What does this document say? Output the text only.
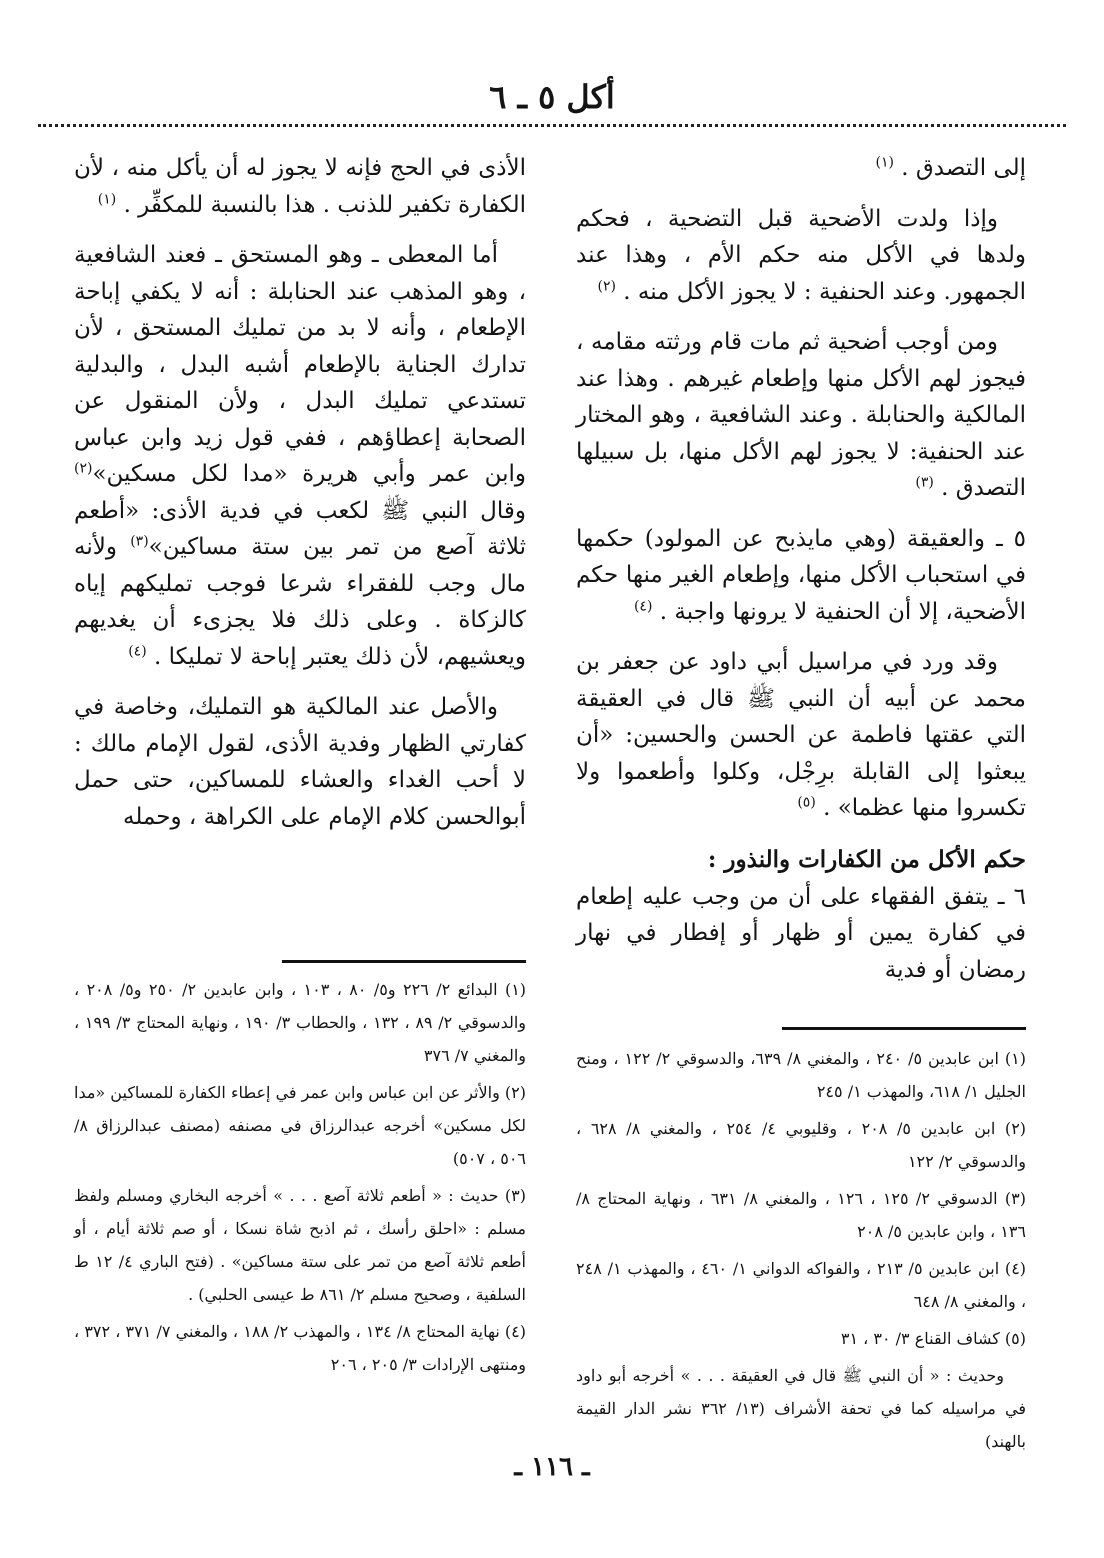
أكل ٥ ـ ٦

إلى التصدق . $^{(١)}$

وإذا ولدت الأضحية قبل التضحية ، فحكم ولدها في الأكل منه حكم الأم ، وهذا عند الجمهور. وعند الحنفية : لا يجوز الأكل منه . $^{(٢)}$

ومن أوجب أضحية ثم مات قام ورثته مقامه ، فيجوز لهم الأكل منها وإطعام غيرهم . وهذا عند المالكية والحنابلة . وعند الشافعية ، وهو المختار عند الحنفية: لا يجوز لهم الأكل منها، بل سبيلها التصدق . $^{(٣)}$

٥ ـ والعقيقة (وهي مايذبح عن المولود) حكمها في استحباب الأكل منها، وإطعام الغير منها حكم الأضحية، إلا أن الحنفية لا يرونها واجبة . $^{(٤)}$

وقد ورد في مراسيل أبي داود عن جعفر بن محمد عن أبيه أن النبي ﷺ قال في العقيقة التي عقتها فاطمة عن الحسن والحسين: «أن يبعثوا إلى القابلة برِجْل، وكلوا وأطعموا ولا تكسروا منها عظما» . $^{(٥)}$

حكم الأكل من الكفارات والنذور :

٦ ـ يتفق الفقهاء على أن من وجب عليه إطعام في كفارة يمين أو ظهار أو إفطار في نهار رمضان أو فدية

الأذى في الحج فإنه لا يجوز له أن يأكل منه ، لأن الكفارة تكفير للذنب . هذا بالنسبة للمكفِّر . $^{(١)}$

أما المعطى ـ وهو المستحق ـ فعند الشافعية ، وهو المذهب عند الحنابلة : أنه لا يكفي إباحة الإطعام ، وأنه لا بد من تمليك المستحق ، لأن تدارك الجناية بالإطعام أشبه البدل ، والبدلية تستدعي تمليك البدل ، ولأن المنقول عن الصحابة إعطاؤهم ، ففي قول زيد وابن عباس وابن عمر وأبي هريرة «مدا لكل مسكين»$^{(٢)}$ وقال النبي ﷺ لكعب في فدية الأذى: «أطعم ثلاثة آصع من تمر بين ستة مساكين»$^{(٣)}$ ولأنه مال وجب للفقراء شرعا فوجب تمليكهم إياه كالزكاة . وعلى ذلك فلا يجزىء أن يغديهم ويعشيهم، لأن ذلك يعتبر إباحة لا تمليكا . $^{(٤)}$

والأصل عند المالكية هو التمليك، وخاصة في كفارتي الظهار وفدية الأذى، لقول الإمام مالك : لا أحب الغداء والعشاء للمساكين، حتى حمل أبوالحسن كلام الإمام على الكراهة ، وحمله

(١) ابن عابدين ٥/ ٢٤٠ ، والمغني ٨/ ٦٣٩، والدسوقي ٢/ ١٢٢ ، ومنح الجليل ١/ ٦١٨، والمهذب ١/ ٢٤٥

(٢) ابن عابدين ٥/ ٢٠٨ ، وقليوبي ٤/ ٢٥٤ ، والمغني ٨/ ٦٢٨ ، والدسوقي ٢/ ١٢٢

(٣) الدسوقي ٢/ ١٢٥ ، ١٢٦ ، والمغني ٨/ ٦٣١ ، ونهاية المحتاج ٨/ ١٣٦ ، وابن عابدين ٥/ ٢٠٨

(٤) ابن عابدين ٥/ ٢١٣ ، والفواكه الدواني ١/ ٤٦٠ ، والمهذب ١/ ٢٤٨ ، والمغني ٨/ ٦٤٨

(٥) كشاف القناع ٣/ ٣٠ ، ٣١

وحديث : « أن النبي ﷺ قال في العقيقة . . . » أخرجه أبو داود في مراسيله كما في تحفة الأشراف (١٣/ ٣٦٢ نشر الدار القيمة بالهند)

(١) البدائع ٢/ ٢٢٦ و٥/ ٨٠ ، ١٠٣ ، وابن عابدين ٢/ ٢٥٠ و٥/ ٢٠٨ ، والدسوقي ٢/ ٨٩ ، ١٣٢ ، والحطاب ٣/ ١٩٠ ، ونهاية المحتاج ٣/ ١٩٩ ، والمغني ٧/ ٣٧٦

(٢) والأثر عن ابن عباس وابن عمر في إعطاء الكفارة للمساكين «مدا لكل مسكين» أخرجه عبدالرزاق في مصنفه (مصنف عبدالرزاق ٨/ ٥٠٦ ، ٥٠٧)

(٣) حديث : « أطعم ثلاثة آصع . . . » أخرجه البخاري ومسلم ولفظ مسلم : «احلق رأسك ، ثم اذبح شاة نسكا ، أو صم ثلاثة أيام ، أو أطعم ثلاثة آصع من تمر على ستة مساكين» . (فتح الباري ٤/ ١٢ ط السلفية ، وصحيح مسلم ٢/ ٨٦١ ط عيسى الحلبي) .

(٤) نهاية المحتاج ٨/ ١٣٤ ، والمهذب ٢/ ١٨٨ ، والمغني ٧/ ٣٧١ ، ٣٧٢ ، ومنتهى الإرادات ٣/ ٢٠٥ ، ٢٠٦

ـ ١١٦ ـ
